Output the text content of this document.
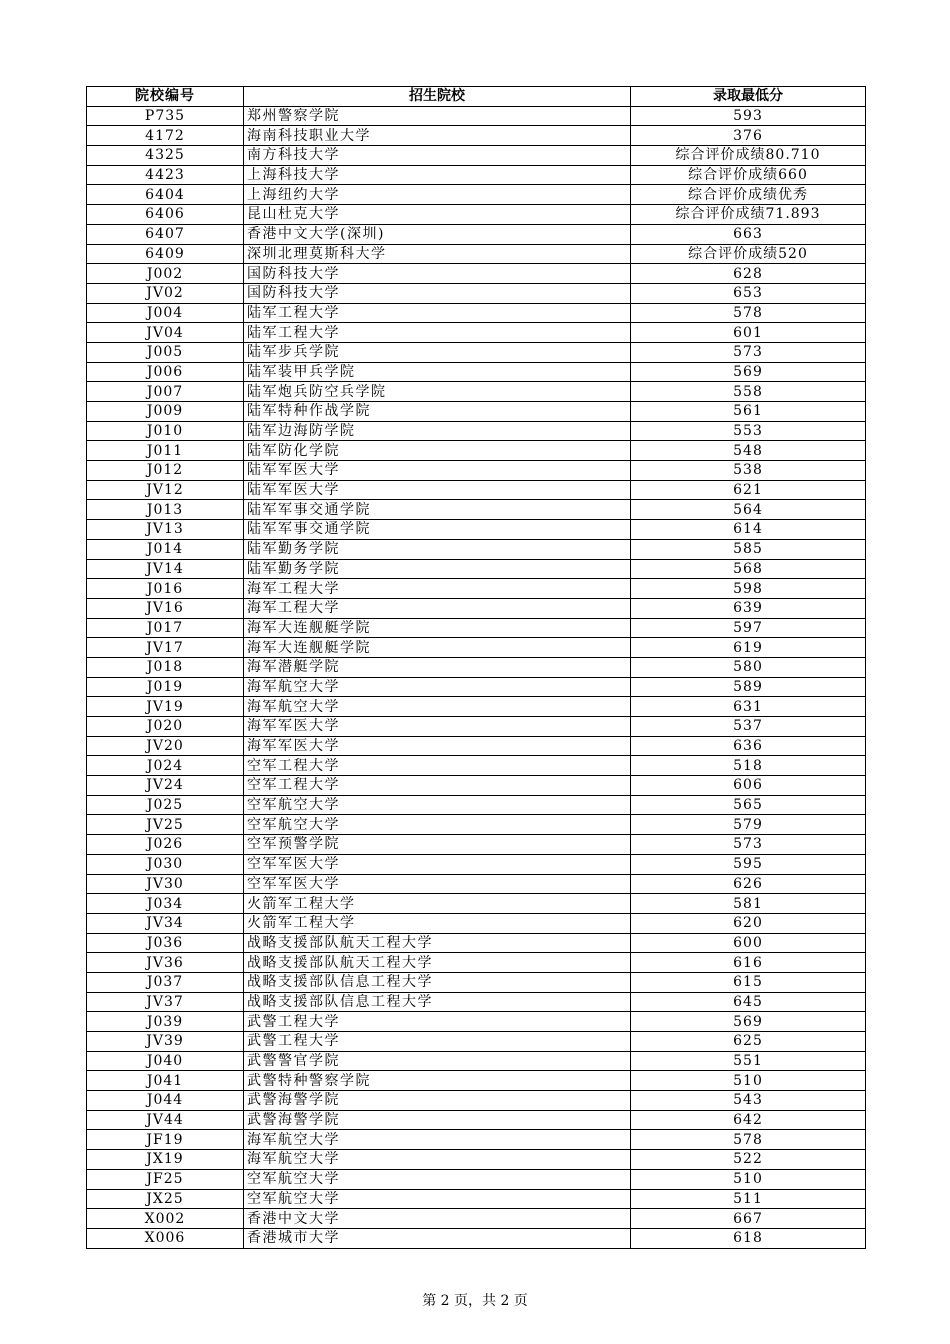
院校编号	招生院校	录取最低分
P735	郑州警察学院	593
4172	海南科技职业大学	376
4325	南方科技大学	综合评价成绩80.710
4423	上海科技大学	综合评价成绩660
6404	上海纽约大学	综合评价成绩优秀
6406	昆山杜克大学	综合评价成绩71.893
6407	香港中文大学(深圳)	663
6409	深圳北理莫斯科大学	综合评价成绩520
J002	国防科技大学	628
JV02	国防科技大学	653
J004	陆军工程大学	578
JV04	陆军工程大学	601
J005	陆军步兵学院	573
J006	陆军装甲兵学院	569
J007	陆军炮兵防空兵学院	558
J009	陆军特种作战学院	561
J010	陆军边海防学院	553
J011	陆军防化学院	548
J012	陆军军医大学	538
JV12	陆军军医大学	621
J013	陆军军事交通学院	564
JV13	陆军军事交通学院	614
J014	陆军勤务学院	585
JV14	陆军勤务学院	568
J016	海军工程大学	598
JV16	海军工程大学	639
J017	海军大连舰艇学院	597
JV17	海军大连舰艇学院	619
J018	海军潜艇学院	580
J019	海军航空大学	589
JV19	海军航空大学	631
J020	海军军医大学	537
JV20	海军军医大学	636
J024	空军工程大学	518
JV24	空军工程大学	606
J025	空军航空大学	565
JV25	空军航空大学	579
J026	空军预警学院	573
J030	空军军医大学	595
JV30	空军军医大学	626
J034	火箭军工程大学	581
JV34	火箭军工程大学	620
J036	战略支援部队航天工程大学	600
JV36	战略支援部队航天工程大学	616
J037	战略支援部队信息工程大学	615
JV37	战略支援部队信息工程大学	645
J039	武警工程大学	569
JV39	武警工程大学	625
J040	武警警官学院	551
J041	武警特种警察学院	510
J044	武警海警学院	543
JV44	武警海警学院	642
JF19	海军航空大学	578
JX19	海军航空大学	522
JF25	空军航空大学	510
JX25	空军航空大学	511
X002	香港中文大学	667
X006	香港城市大学	618
第 2 页，共 2 页
